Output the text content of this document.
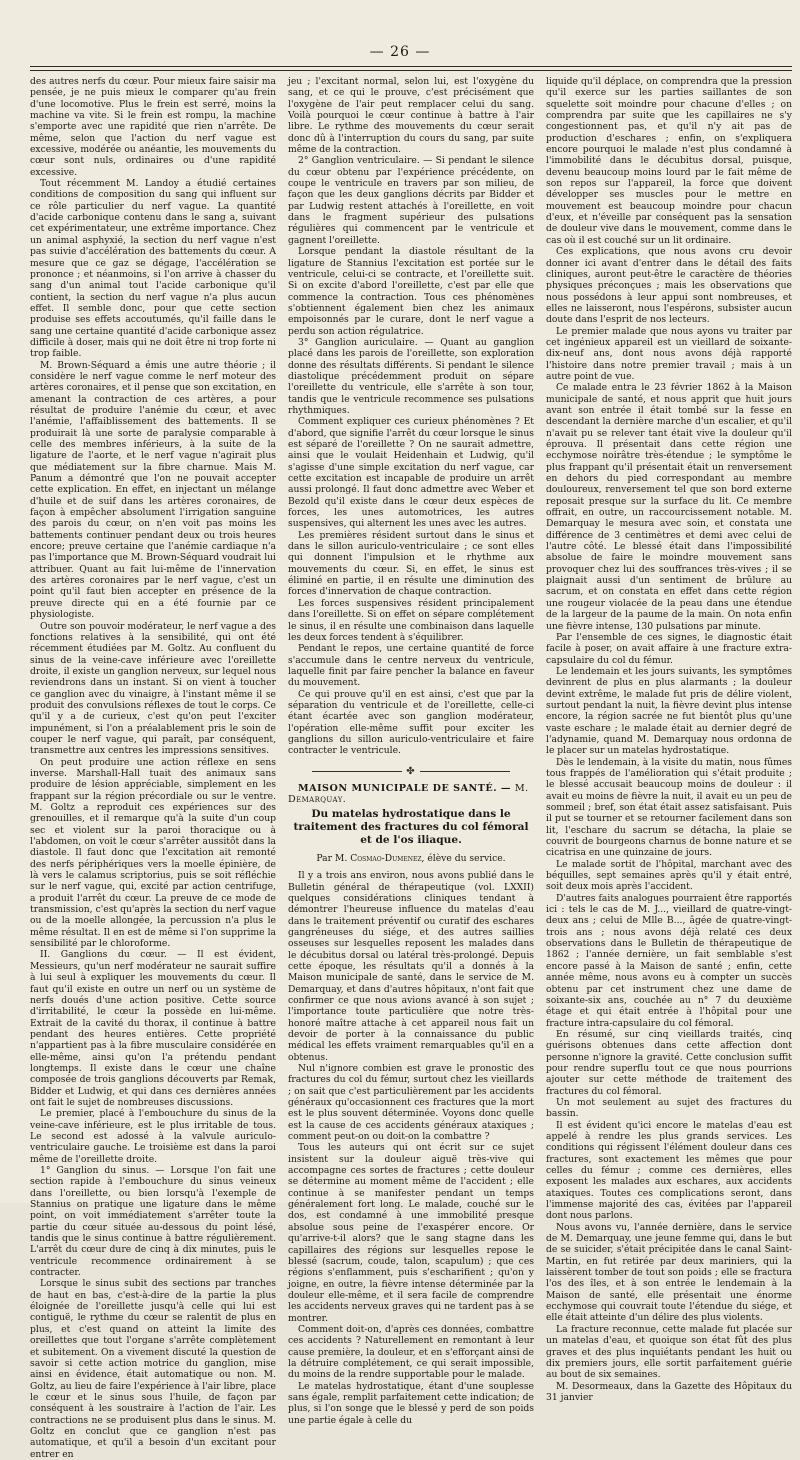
— 26 —

des autres nerfs du cœur. Pour mieux faire saisir ma pensée, je ne puis mieux le comparer qu'au frein d'une locomotive. Plus le frein est serré, moins la machine va vite. Si le frein est rompu, la machine s'emporte avec une rapidité que rien n'arrête. De même, selon que l'action du nerf vague est excessive, modérée ou anéantie, les mouvements du cœur sont nuls, ordinaires ou d'une rapidité excessive.

Tout récemment M. Landoy a étudié certaines conditions de composition du sang qui influent sur ce rôle particulier du nerf vague. La quantité d'acide carbonique contenu dans le sang a, suivant cet expérimentateur, une extrême importance. Chez un animal asphyxié, la section du nerf vague n'est pas suivie d'accélération des battements du cœur. A mesure que ce gaz se dégage, l'accélération se prononce ; et néanmoins, si l'on arrive à chasser du sang d'un animal tout l'acide carbonique qu'il contient, la section du nerf vague n'a plus aucun effet. Il semble donc, pour que cette section produise ses effets accoutumés, qu'il faille dans le sang une certaine quantité d'acide carbonique assez difficile à doser, mais qui ne doit être ni trop forte ni trop faible.

M. Brown-Séquard a émis une autre théorie ; il considère le nerf vague comme le nerf moteur des artères coronaires, et il pense que son excitation, en amenant la contraction de ces artères, a pour résultat de produire l'anémie du cœur, et avec l'anémie, l'affaiblissement des battements. Il se produirait là une sorte de paralysie comparable à celle des membres inférieurs, à la suite de la ligature de l'aorte, et le nerf vague n'agirait plus que médiatement sur la fibre charnue. Mais M. Panum a démontré que l'on ne pouvait accepter cette explication. En effet, en injectant un mélange d'huile et de suif dans les artères coronaires, de façon à empêcher absolument l'irrigation sanguine des parois du cœur, on n'en voit pas moins les battements continuer pendant deux ou trois heures encore; preuve certaine que l'anémie cardiaque n'a pas l'importance que M. Brown-Séquard voudrait lui attribuer. Quant au fait lui-même de l'innervation des artères coronaires par le nerf vague, c'est un point qu'il faut bien accepter en présence de la preuve directe qui en a été fournie par ce physiologiste.

Outre son pouvoir modérateur, le nerf vague a des fonctions relatives à la sensibilité, qui ont été récemment étudiées par M. Goltz. Au confluent du sinus de la veine-cave inférieure avec l'oreillette droite, il existe un ganglion nerveux, sur lequel nous reviendrons dans un instant. Si on vient à toucher ce ganglion avec du vinaigre, à l'instant même il se produit des convulsions réflexes de tout le corps. Ce qu'il y a de curieux, c'est qu'on peut l'exciter impunément, si l'on a préalablement pris le soin de couper le nerf vague, qui paraît, par conséquent, transmettre aux centres les impressions sensitives.

On peut produire une action réflexe en sens inverse. Marshall-Hall tuait des animaux sans produire de lésion appréciable, simplement en les frappant sur la région précordiale ou sur le ventre. M. Goltz a reproduit ces expériences sur des grenouilles, et il remarque qu'à la suite d'un coup sec et violent sur la paroi thoracique ou à l'abdomen, on voit le cœur s'arrêter aussitôt dans la diastole. Il faut donc que l'excitation ait remonté des nerfs périphériques vers la moelle épinière, de là vers le calamus scriptorius, puis se soit réfléchie sur le nerf vague, qui, excité par action centrifuge, a produit l'arrêt du cœur. La preuve de ce mode de transmission, c'est qu'après la section du nerf vague ou de la moelle allongée, la percussion n'a plus le même résultat. Il en est de même si l'on supprime la sensibilité par le chloroforme.

II. Ganglions du cœur. — Il est évident, Messieurs, qu'un nerf modérateur ne saurait suffire à lui seul à expliquer les mouvements du cœur. Il faut qu'il existe en outre un nerf ou un système de nerfs doués d'une action positive. Cette source d'irritabilité, le cœur la possède en lui-même. Extrait de la cavité du thorax, il continue à battre pendant des heures entières. Cette propriété n'appartient pas à la fibre musculaire considérée en elle-même, ainsi qu'on l'a prétendu pendant longtemps. Il existe dans le cœur une chaîne composée de trois ganglions découverts par Remak, Bidder et Ludwig, et qui dans ces dernières années ont fait le sujet de nombreuses discussions.

Le premier, placé à l'embouchure du sinus de la veine-cave inférieure, est le plus irritable de tous. Le second est adossé à la valvule auriculo-ventriculaire gauche. Le troisième est dans la paroi même de l'oreillette droite.

1° Ganglion du sinus. — Lorsque l'on fait une section rapide à l'embouchure du sinus veineux dans l'oreillette, ou bien lorsqu'à l'exemple de Stannius on pratique une ligature dans le même point, on voit immédiatement s'arrêter toute la partie du cœur située au-dessous du point lésé, tandis que le sinus continue à battre régulièrement. L'arrêt du cœur dure de cinq à dix minutes, puis le ventricule recommence ordinairement à se contracter.

Lorsque le sinus subit des sections par tranches de haut en bas, c'est-à-dire de la partie la plus éloignée de l'oreillette jusqu'à celle qui lui est contiguë, le rythme du cœur se ralentit de plus en plus, et c'est quand on atteint la limite des oreillettes que tout l'organe s'arrête complètement et subitement. On a vivement discuté la question de savoir si cette action motrice du ganglion, mise ainsi en évidence, était automatique ou non. M. Goltz, au lieu de faire l'expérience à l'air libre, place le cœur et le sinus sous l'huile, de façon par conséquent à les soustraire à l'action de l'air. Les contractions ne se produisent plus dans le sinus. M. Goltz en conclut que ce ganglion n'est pas automatique, et qu'il a besoin d'un excitant pour entrer en

jeu ; l'excitant normal, selon lui, est l'oxygène du sang, et ce qui le prouve, c'est précisément que l'oxygène de l'air peut remplacer celui du sang. Voilà pourquoi le cœur continue à battre à l'air libre. Le rythme des mouvements du cœur serait donc dû à l'interruption du cours du sang, par suite même de la contraction.

2° Ganglion ventriculaire. — Si pendant le silence du cœur obtenu par l'expérience précédente, on coupe le ventricule en travers par son milieu, de façon que les deux ganglions décrits par Bidder et par Ludwig restent attachés à l'oreillette, en voit dans le fragment supérieur des pulsations régulières qui commencent par le ventricule et gagnent l'oreillette.

Lorsque pendant la diastole résultant de la ligature de Stannius l'excitation est portée sur le ventricule, celui-ci se contracte, et l'oreillette suit. Si on excite d'abord l'oreillette, c'est par elle que commence la contraction. Tous ces phénomènes s'obtiennent également bien chez les animaux empoisonnés par le curare, dont le nerf vague a perdu son action régulatrice.

3° Ganglion auriculaire. — Quant au ganglion placé dans les parois de l'oreillette, son exploration donne des résultats différents. Si pendant le silence diastolique précédemment produit on sépare l'oreillette du ventricule, elle s'arrête à son tour, tandis que le ventricule recommence ses pulsations rhythmiques.

Comment expliquer ces curieux phénomènes ? Et d'abord, que signifie l'arrêt du cœur lorsque le sinus est séparé de l'oreillette ? On ne saurait admettre, ainsi que le voulait Heidenhain et Ludwig, qu'il s'agisse d'une simple excitation du nerf vague, car cette excitation est incapable de produire un arrêt aussi prolongé. Il faut donc admettre avec Weber et Bezold qu'il existe dans le cœur deux espèces de forces, les unes automotrices, les autres suspensives, qui alternent les unes avec les autres.

Les premières résident surtout dans le sinus et dans le sillon auriculo-ventriculaire ; ce sont elles qui donnent l'impulsion et le rhythme aux mouvements du cœur. Si, en effet, le sinus est éliminé en partie, il en résulte une diminution des forces d'innervation de chaque contraction.

Les forces suspensives résident principalement dans l'oreillette. Si on effet on sépare complétement le sinus, il en résulte une combinaison dans laquelle les deux forces tendent à s'équilibrer.

Pendant le repos, une certaine quantité de force s'accumule dans le centre nerveux du ventricule, laquelle finit par faire pencher la balance en faveur du mouvement.

Ce qui prouve qu'il en est ainsi, c'est que par la séparation du ventricule et de l'oreillette, celle-ci étant écartée avec son ganglion modérateur, l'opération elle-même suffit pour exciter les ganglions du sillon auriculo-ventriculaire et faire contracter le ventricule.

✤

MAISON MUNICIPALE DE SANTÉ. — M. Demarquay.

Du matelas hydrostatique dans le traitement des fractures du col fémoral et de l'os iliaque.
Par M. Cosmao-Dumenez, élève du service.

Il y a trois ans environ, nous avons publié dans le Bulletin général de thérapeutique (vol. LXXII) quelques considérations cliniques tendant à démontrer l'heureuse influence du matelas d'eau dans le traitement préventif ou curatif des eschares gangréneuses du siége, et des autres saillies osseuses sur lesquelles reposent les malades dans le décubitus dorsal ou latéral très-prolongé. Depuis cette époque, les résultats qu'il a donnés à la Maison municipale de santé, dans le service de M. Demarquay, et dans d'autres hôpitaux, n'ont fait que confirmer ce que nous avions avancé à son sujet ; l'importance toute particulière que notre très-honoré maître attache à cet appareil nous fait un devoir de porter à la connaissance du public médical les effets vraiment remarquables qu'il en a obtenus.

Nul n'ignore combien est grave le pronostic des fractures du col du fémur, surtout chez les vieillards ; on sait que c'est particulièrement par les accidents généraux qu'occasionnent ces fractures que la mort est le plus souvent déterminée. Voyons donc quelle est la cause de ces accidents généraux ataxiques ; comment peut-on ou doit-on la combattre ?

Tous les auteurs qui ont écrit sur ce sujet insistent sur la douleur aiguë très-vive qui accompagne ces sortes de fractures ; cette douleur se détermine au moment même de l'accident ; elle continue à se manifester pendant un temps généralement fort long. Le malade, couché sur le dos, est condamné à une immobilité presque absolue sous peine de l'exaspérer encore. Or qu'arrive-t-il alors? que le sang stagne dans les capillaires des régions sur lesquelles repose le blessé (sacrum, coude, talon, scapulum) ; que ces régions s'enflamment, puis s'escharifient ; qu'on y joigne, en outre, la fièvre intense déterminée par la douleur elle-même, et il sera facile de comprendre les accidents nerveux graves qui ne tardent pas à se montrer.

Comment doit-on, d'après ces données, combattre ces accidents ? Naturellement en remontant à leur cause première, la douleur, et en s'efforçant ainsi de la détruire complétement, ce qui serait impossible, du moins de la rendre supportable pour le malade.

Le matelas hydrostatique, étant d'une souplesse sans égale, remplit parfaitement cette indication; de plus, si l'on songe que le blessé y perd de son poids une partie égale à celle du

liquide qu'il déplace, on comprendra que la pression qu'il exerce sur les parties saillantes de son squelette soit moindre pour chacune d'elles ; on comprendra par suite que les capillaires ne s'y congestionnent pas, et qu'il n'y ait pas de production d'eschares ; enfin, on s'expliquera encore pourquoi le malade n'est plus condamné à l'immobilité dans le décubitus dorsal, puisque, devenu beaucoup moins lourd par le fait même de son repos sur l'appareil, la force que doivent développer ses muscles pour le mettre en mouvement est beaucoup moindre pour chacun d'eux, et n'éveille par conséquent pas la sensation de douleur vive dans le mouvement, comme dans le cas où il est couché sur un lit ordinaire.

Ces explications, que nous avons cru devoir donner ici avant d'entrer dans le détail des faits cliniques, auront peut-être le caractère de théories physiques préconçues ; mais les observations que nous possédons à leur appui sont nombreuses, et elles ne laisseront, nous l'espérons, subsister aucun doute dans l'esprit de nos lecteurs.

Le premier malade que nous ayons vu traiter par cet ingénieux appareil est un vieillard de soixante-dix-neuf ans, dont nous avons déjà rapporté l'histoire dans notre premier travail ; mais à un autre point de vue.

Ce malade entra le 23 février 1862 à la Maison municipale de santé, et nous apprit que huit jours avant son entrée il était tombé sur la fesse en descendant la dernière marche d'un escalier, et qu'il n'avait pu se relever tant était vive la douleur qu'il éprouva. Il présentait dans cette région une ecchymose noirâtre très-étendue ; le symptôme le plus frappant qu'il présentait était un renversement en dehors du pied correspondant au membre douloureux, renversement tel que son bord externe reposait presque sur la surface du lit. Ce membre offrait, en outre, un raccourcissement notable. M. Demarquay le mesura avec soin, et constata une différence de 3 centimètres et demi avec celui de l'autre côté. Le blessé était dans l'impossibilité absolue de faire le moindre mouvement sans provoquer chez lui des souffrances très-vives ; il se plaignait aussi d'un sentiment de brûlure au sacrum, et on constata en effet dans cette région une rougeur violacée de la peau dans une étendue de la largeur de la paume de la main. On nota enfin une fièvre intense, 130 pulsations par minute.

Par l'ensemble de ces signes, le diagnostic était facile à poser, on avait affaire à une fracture extra-capsulaire du col du fémur.

Le lendemain et les jours suivants, les symptômes devinrent de plus en plus alarmants ; la douleur devint extrême, le malade fut pris de délire violent, surtout pendant la nuit, la fièvre devint plus intense encore, la région sacrée ne fut bientôt plus qu'une vaste eschare ; le malade était au dernier degré de l'adynamie, quand M. Demarquay nous ordonna de le placer sur un matelas hydrostatique.

Dès le lendemain, à la visite du matin, nous fûmes tous frappés de l'amélioration qui s'était produite ; le blessé accusait beaucoup moins de douleur : il avait eu moins de fièvre la nuit, il avait eu un peu de sommeil ; bref, son état était assez satisfaisant. Puis il put se tourner et se retourner facilement dans son lit, l'eschare du sacrum se détacha, la plaie se couvrit de bourgeons charnus de bonne nature et se cicatrisa en une quinzaine de jours.

Le malade sortit de l'hôpital, marchant avec des béquilles, sept semaines après qu'il y était entré, soit deux mois après l'accident.

D'autres faits analogues pourraient être rapportés ici : tels le cas de M. J..., vieillard de quatre-vingt-deux ans ; celui de Mlle B..., âgée de quatre-vingt-trois ans ; nous avons déjà relaté ces deux observations dans le Bulletin de thérapeutique de 1862 ; l'année dernière, un fait semblable s'est encore passé à la Maison de santé ; enfin, cette année même, nous avons eu à compter un succès obtenu par cet instrument chez une dame de soixante-six ans, couchée au n° 7 du deuxième étage et qui était entrée à l'hôpital pour une fracture intra-capsulaire du col fémoral.

En résumé, sur cinq vieillards traités, cinq guérisons obtenues dans cette affection dont personne n'ignore la gravité. Cette conclusion suffit pour rendre superflu tout ce que nous pourrions ajouter sur cette méthode de traitement des fractures du col fémoral.

Un mot seulement au sujet des fractures du bassin.

Il est évident qu'ici encore le matelas d'eau est appelé à rendre les plus grands services. Les conditions qui régissent l'élément douleur dans ces fractures, sont exactement les mêmes que pour celles du fémur ; comme ces dernières, elles exposent les malades aux eschares, aux accidents ataxiques. Toutes ces complications seront, dans l'immense majorité des cas, évitées par l'appareil dont nous parlons.

Nous avons vu, l'année dernière, dans le service de M. Demarquay, une jeune femme qui, dans le but de se suicider, s'était précipitée dans le canal Saint-Martin, en fut retirée par deux mariniers, qui la laissèrent tomber de tout son poids ; elle se fractura l'os des îles, et à son entrée le lendemain à la Maison de santé, elle présentait une énorme ecchymose qui couvrait toute l'étendue du siége, et elle était atteinte d'un délire des plus violents.

La fracture reconnue, cette malade fut placée sur un matelas d'eau, et quoique son état fût des plus graves et des plus inquiétants pendant les huit ou dix premiers jours, elle sortit parfaitement guérie au bout de six semaines.

M. Desormeaux, dans la Gazette des Hôpitaux du 31 janvier
